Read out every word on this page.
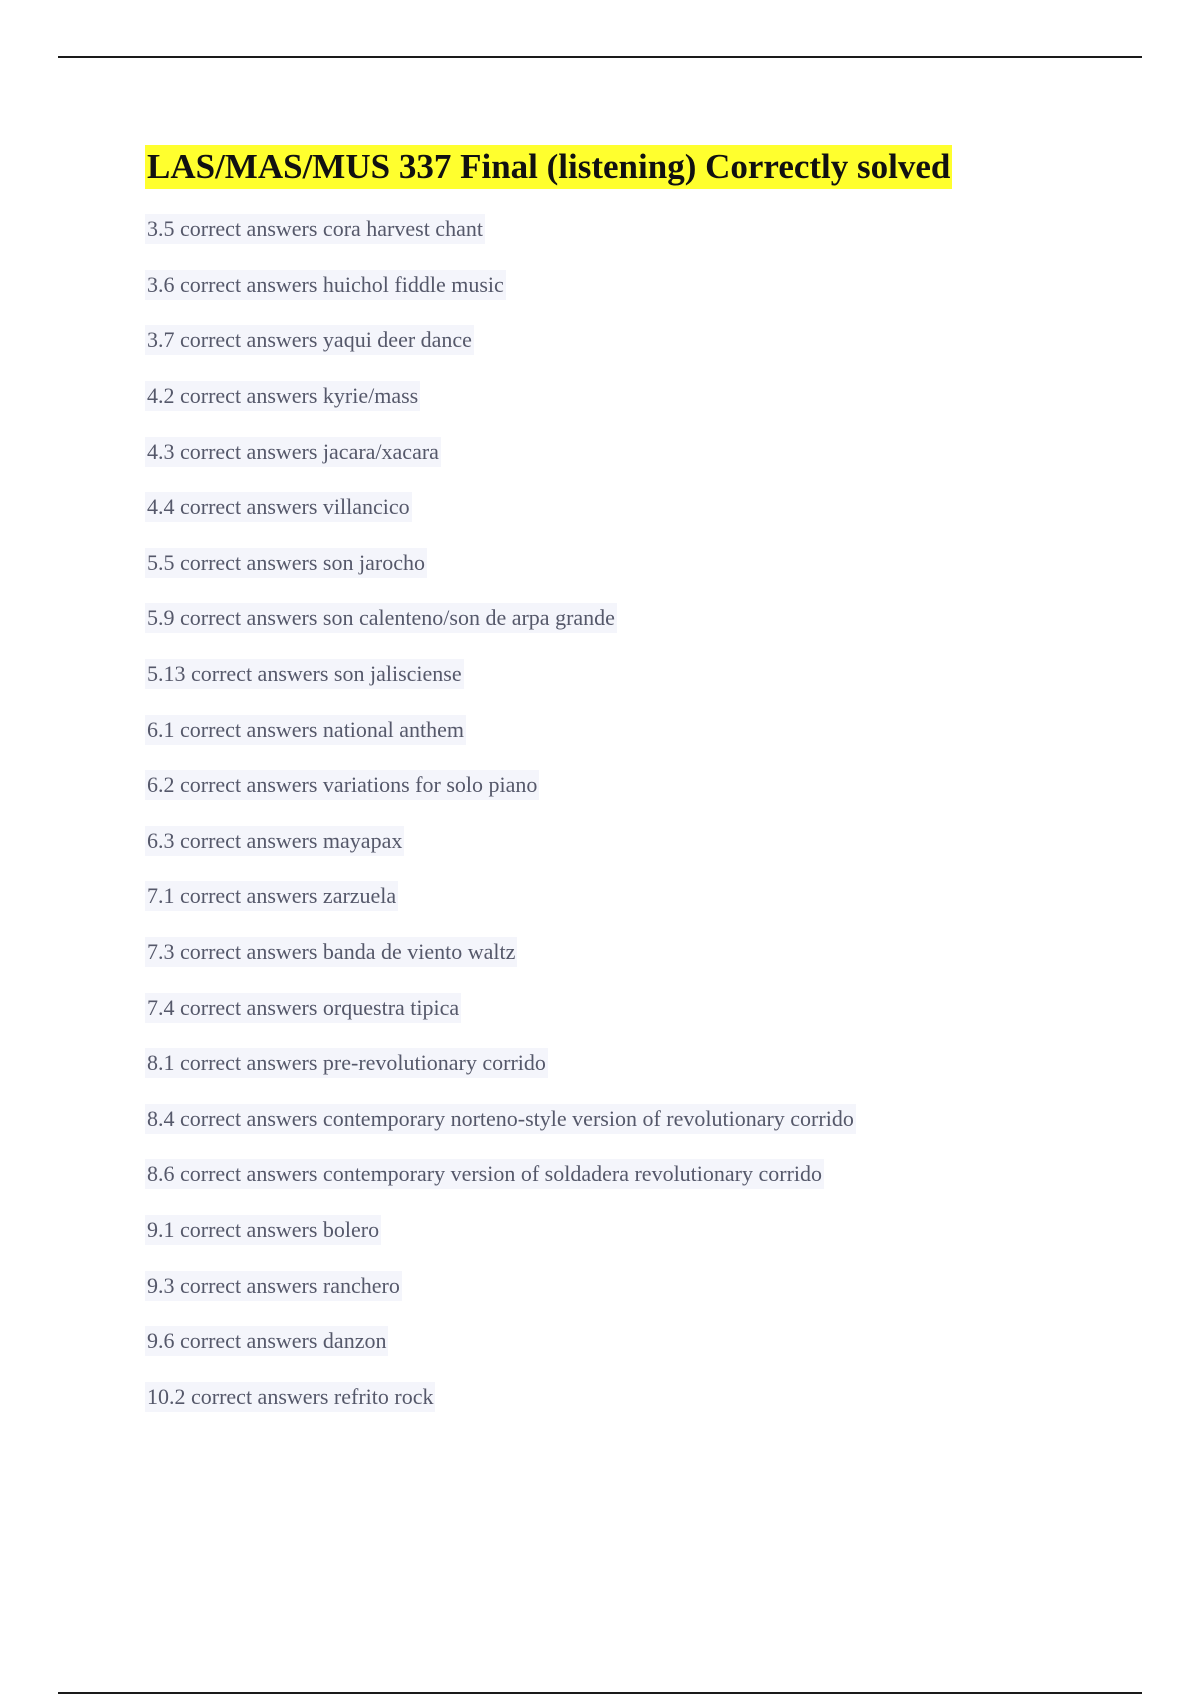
LAS/MAS/MUS 337 Final (listening) Correctly solved
3.5 correct answers cora harvest chant
3.6 correct answers huichol fiddle music
3.7 correct answers yaqui deer dance
4.2 correct answers kyrie/mass
4.3 correct answers jacara/xacara
4.4 correct answers villancico
5.5 correct answers son jarocho
5.9 correct answers son calenteno/son de arpa grande
5.13 correct answers son jalisciense
6.1 correct answers national anthem
6.2 correct answers variations for solo piano
6.3 correct answers mayapax
7.1 correct answers zarzuela
7.3 correct answers banda de viento waltz
7.4 correct answers orquestra tipica
8.1 correct answers pre-revolutionary corrido
8.4 correct answers contemporary norteno-style version of revolutionary corrido
8.6 correct answers contemporary version of soldadera revolutionary corrido
9.1 correct answers bolero
9.3 correct answers ranchero
9.6 correct answers danzon
10.2 correct answers refrito rock
